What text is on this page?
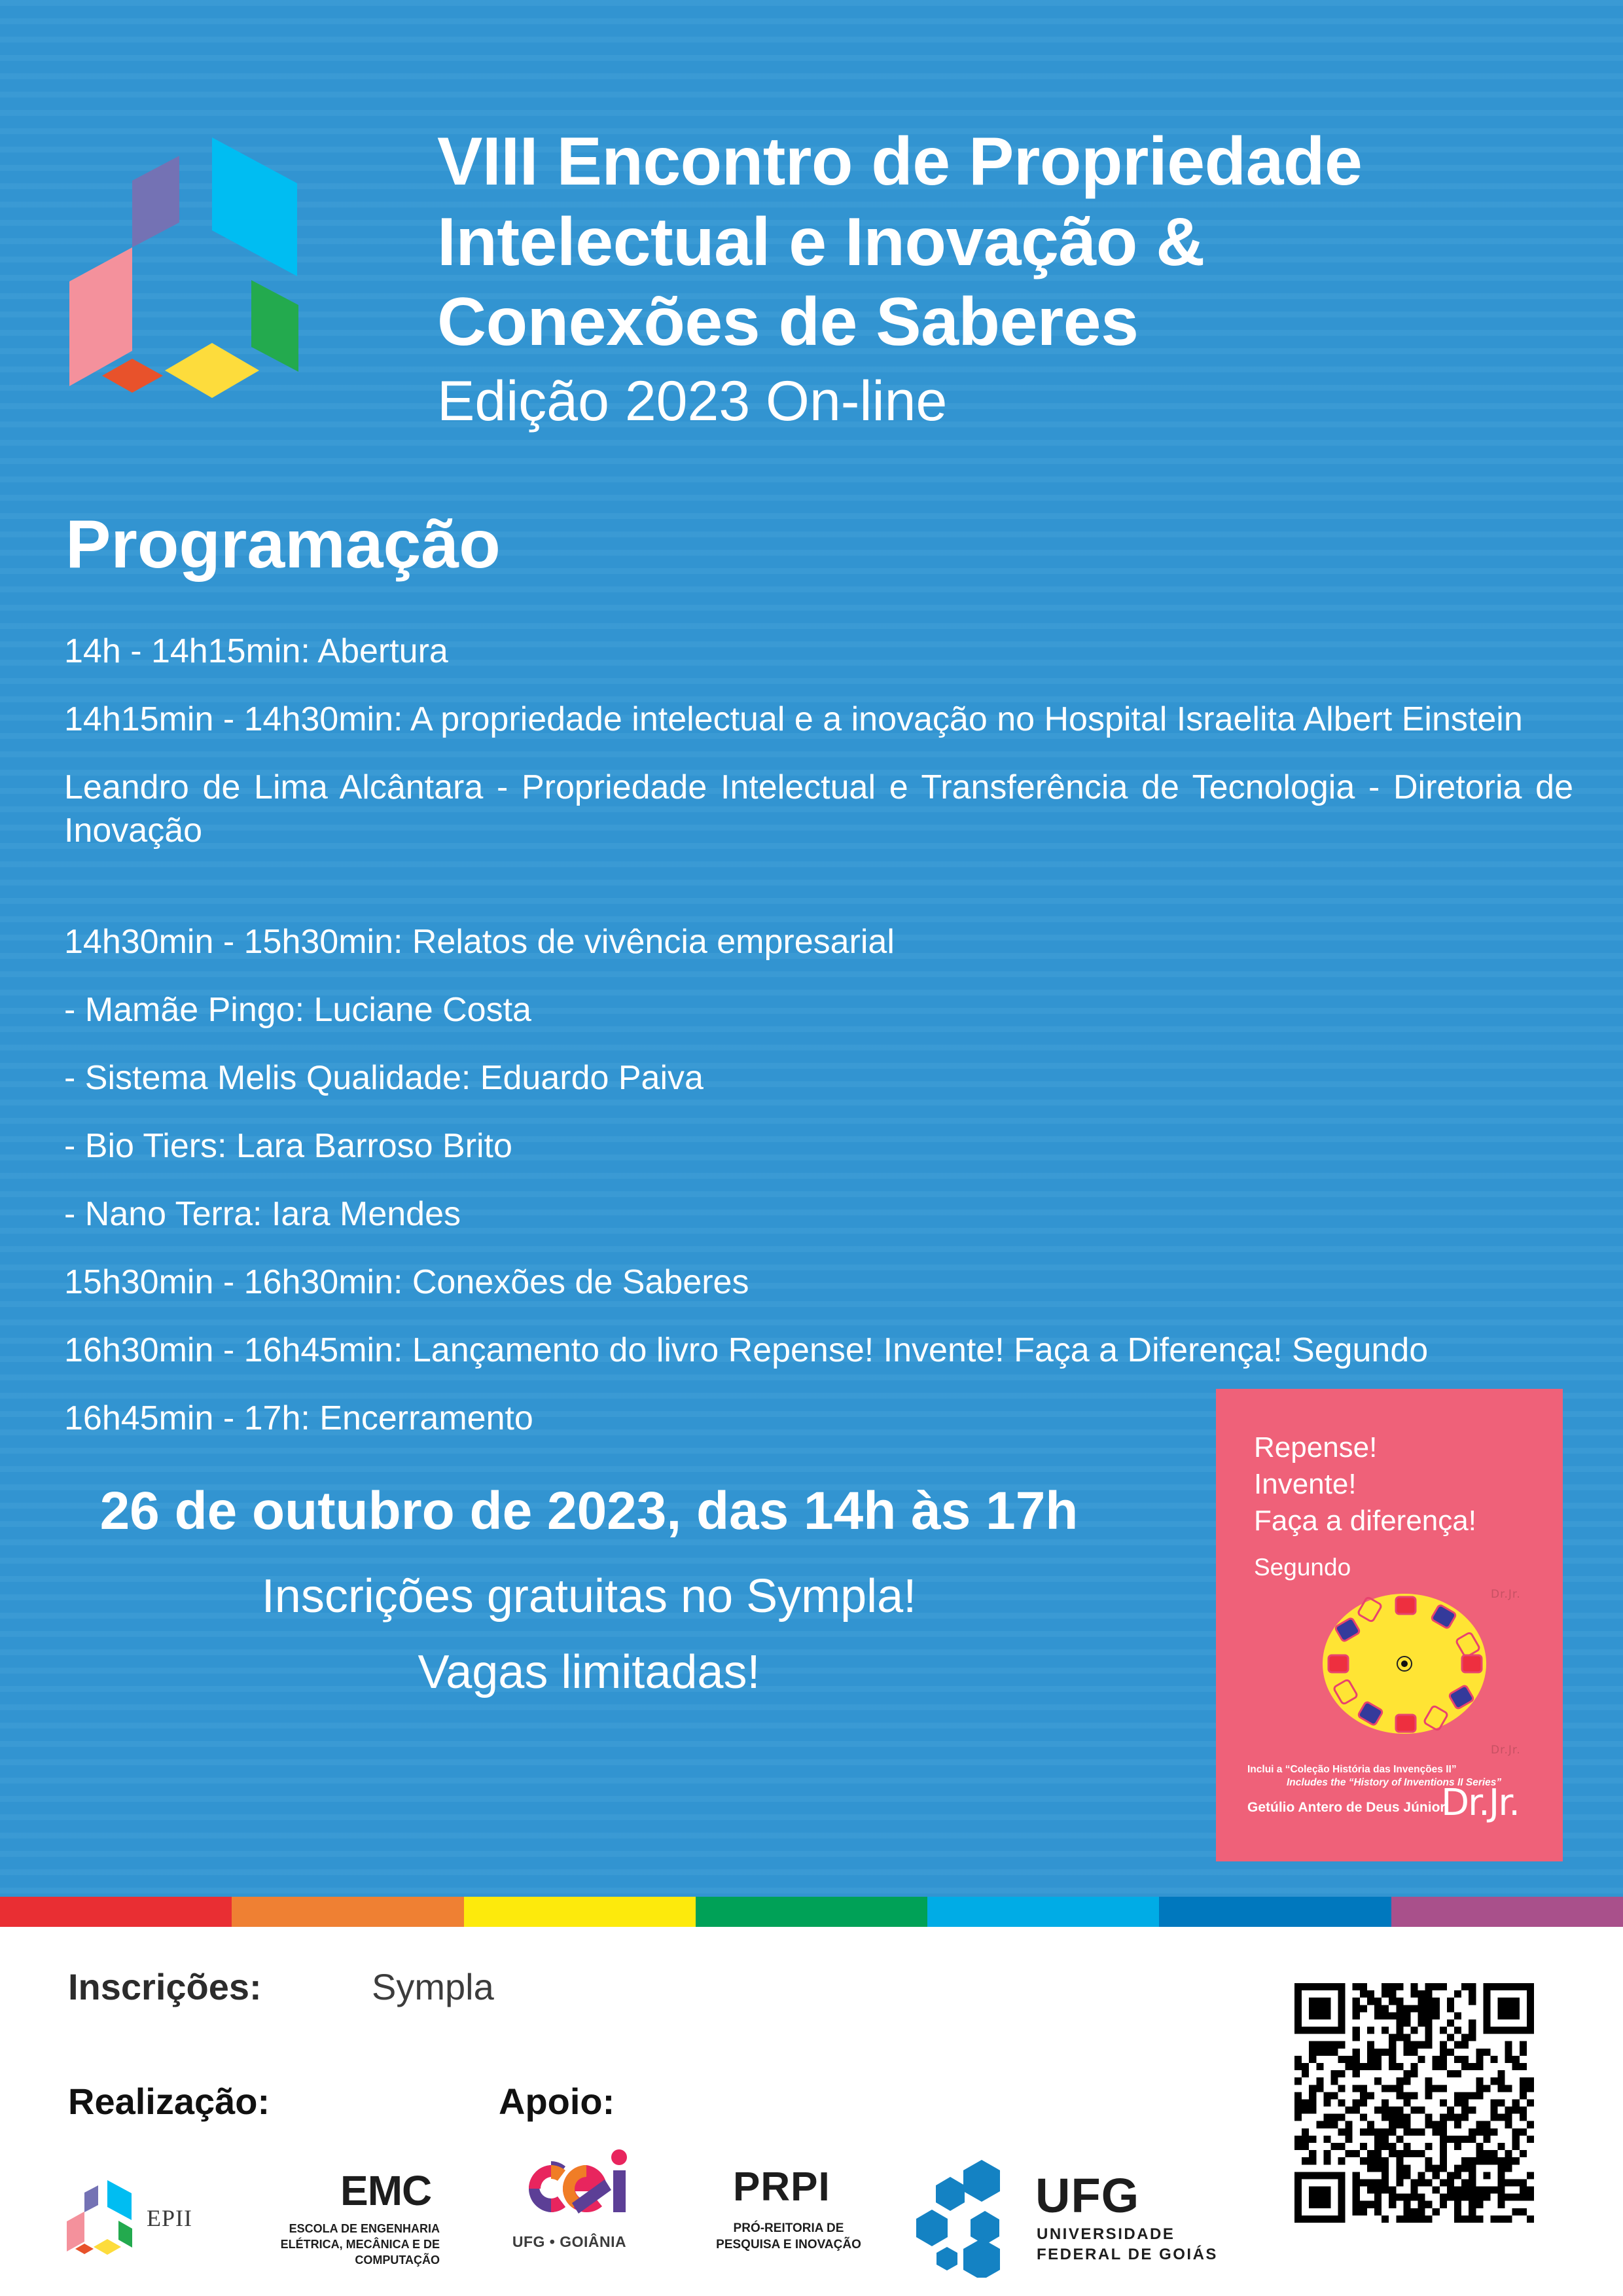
VIII Encontro de Propriedade
Intelectual e Inovação &
Conexões de Saberes
Edição 2023 On-line
Programação
14h - 14h15min: Abertura
14h15min - 14h30min: A propriedade intelectual e a inovação no Hospital Israelita Albert Einstein
Leandro de Lima Alcântara - Propriedade Intelectual e Transferência de Tecnologia - Diretoria de Inovação
14h30min - 15h30min: Relatos de vivência empresarial
- Mamãe Pingo: Luciane Costa
- Sistema Melis Qualidade: Eduardo Paiva
- Bio Tiers: Lara Barroso Brito
- Nano Terra: Iara Mendes
15h30min - 16h30min: Conexões de Saberes
16h30min - 16h45min: Lançamento do livro Repense! Invente! Faça a Diferença! Segundo
16h45min - 17h: Encerramento
26 de outubro de 2023, das 14h às 17h
Inscrições gratuitas no Sympla!
Vagas limitadas!
Repense!
Invente!
Faça a diferença!
Segundo
Dr.Jr.
Dr.Jr.
Inclui a “Coleção História das Invenções II”
Includes the “History of Inventions II Series”
Getúlio Antero de Deus Júnior
Dr.Jr.
Inscrições:	Sympla
Realização:	Apoio:
EPII
EMC
ESCOLA DE ENGENHARIA ELÉTRICA, MECÂNICA E DE COMPUTAÇÃO
UFG • GOIÂNIA
PRPI
PRÓ-REITORIA DE
PESQUISA E INOVAÇÃO
UFG
UNIVERSIDADE
FEDERAL DE GOIÁS
